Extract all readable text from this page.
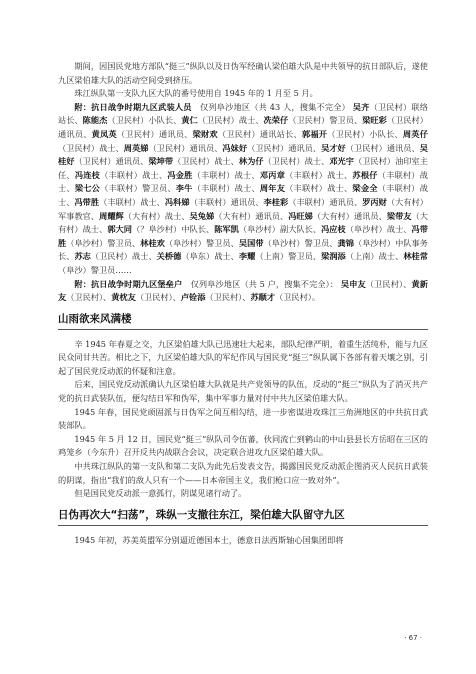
期间，因国民党地方部队“挺三”纵队以及日伪军经确认梁伯雄大队是中共领导的抗日部队后，遂使九区梁伯雄大队的活动空间受到挤压。

珠江纵队第一支队九区大队的番号使用自 1945 年的 1 月至 5 月。

附：抗日战争时期九区武装人员　 仅列阜沙地区（共 43 人，搜集不完全） 吴齐（卫民村）联络站长、陈能杰（卫民村）小队长、黄仁（卫民村）战士、冼荣仔（卫民村）警卫员、梁旺彩（卫民村）通讯员、黄凤英（卫民村）通讯员、梁财欢（卫民村）通讯站长、郭福开（卫民村）小队长、周英仔（卫民村）战士、周英娣（卫民村）通讯员、冯妹好（卫民村）通讯员、吴才好（卫民村）通讯员、吴桂好（卫民村）通讯员、梁坤带（卫民村）战士、林为仔（卫民村）战士、邓光宇（卫民村）油印室主任、冯连枝（丰联村）战士、冯金胜（丰联村）战士、邓丙章（丰联村）战士、苏根仔（丰联村）战士、梁七公（丰联村）警卫员、李牛（丰联村）战士、周年友（丰联村）战士、梁金全（丰联村）战士、冯带胜（丰联村）战士、冯科娣（丰联村）通讯员、李桂彩（丰联村）通讯员、罗丙财（大有村）军事教官、周耀辉（大有村）战士、吴兔娣（大有村）通讯员、冯旺娣（大有村）通讯员、梁带友（大有村）战士、郭大同（？阜沙村）中队长、陈军凯（阜沙村）副大队长、冯应枝（阜沙村）战士、冯带胜（阜沙村）警卫员、林桂欢（阜沙村）警卫员、吴国带（阜沙村）警卫员、龚锦（阜沙村）中队事务长、苏志（卫民村）战士、关桥德（阜东）战士、李耀（上南）警卫员、梁润添（上南）战士、林桂常（阜沙）警卫员……

附：抗日战争时期九区堡垒户　 仅列阜沙地区（共 5 户，搜集不完全）： 吴申友（卫民村）、黄新友（卫民村）、黄枕友（卫民村）、卢铨添（卫民村）、苏顺才（卫民村）。

山雨欲来风满楼

辛 1945 年春夏之交，九区梁伯雄大队已迅速壮大起来，部队纪律严明，着重生活纯朴，能与九区民众同甘共苦。相比之下，九区梁伯雄大队的军纪作风与国民党“挺三”纵队属下各部有着天壤之别，引起了国民党反动派的怀疑和注意。

后来，国民党反动派确认九区梁伯雄大队就是共产党领导的队伍，反动的“挺三”纵队为了消灭共产党的抗日武装队伍，便勾结日军和伪军，集中军事力量对付中共九区梁伯雄大队。

1945 年春，国民党顽固派与日伪军之间互相勾结，进一步密谋进攻珠江三角洲地区的中共抗日武装部队。

1945 年 5 月 12 日，国民党“挺三”纵队司令伍蕃，伙同流亡到鹤山的中山县县长方岳昭在三区的鸡笼乡（今东升）召开反共内战联合会议，决定联合进攻九区梁伯雄大队。

中共珠江纵队的第一支队和第二支队为此先后发表文告，揭露国民党反动派企图消灭人民抗日武装的阴谋，指出“我们的敌人只有一个——日本帝国主义，我们枪口应一致对外”。

但是国民党反动派一意孤行，阴谋见诸行动了。

日伪再次大“扫荡”，珠纵一支撤往东江，梁伯雄大队留守九区

1945 年初，苏美英盟军分别逼近德国本土，德意日法西斯轴心国集团即将

· 67 ·
